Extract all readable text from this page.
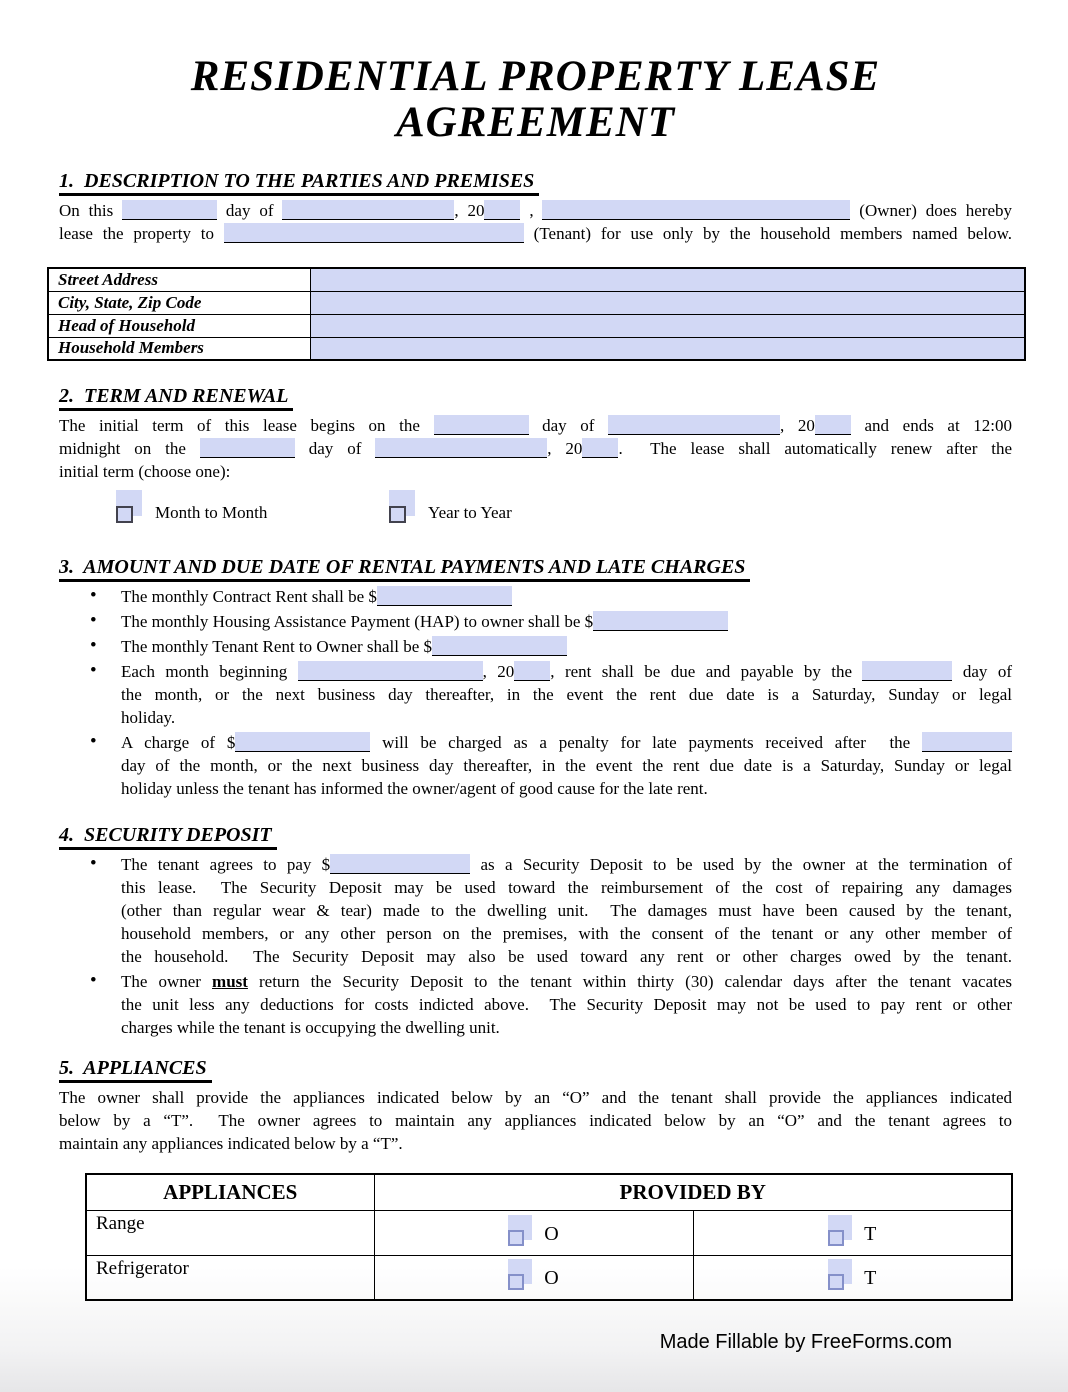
RESIDENTIAL PROPERTY LEASE AGREEMENT
1.  DESCRIPTION TO THE PARTIES AND PREMISES
On this	day of	, 20	,	(Owner) does hereby
lease the property to	(Tenant) for use only by the household members named below.
Street Address	
City, State, Zip Code	
Head of Household	
Household Members	
2.  TERM AND RENEWAL
The initial term of this lease begins on the	day of	, 20	and ends at 12:00
midnight on the	day of	, 20 .  The lease shall automatically renew after the
initial term (choose one):
Month to Month	Year to Year
3.  AMOUNT AND DUE DATE OF RENTAL PAYMENTS AND LATE CHARGES
• The monthly Contract Rent shall be $
• The monthly Housing Assistance Payment (HAP) to owner shall be $
• The monthly Tenant Rent to Owner shall be $
• Each month beginning	, 20 , rent shall be due and payable by the	day of
the month, or the next business day thereafter, in the event the rent due date is a Saturday, Sunday or legal
holiday.
• A charge of $	will be charged as a penalty for late payments received after  the
day of the month, or the next business day thereafter, in the event the rent due date is a Saturday, Sunday or legal
holiday unless the tenant has informed the owner/agent of good cause for the late rent.
4.  SECURITY DEPOSIT
• The tenant agrees to pay $	as a Security Deposit to be used by the owner at the termination of
this lease.  The Security Deposit may be used toward the reimbursement of the cost of repairing any damages
(other than regular wear & tear) made to the dwelling unit.  The damages must have been caused by the tenant,
household members, or any other person on the premises, with the consent of the tenant or any other member of
the household.  The Security Deposit may also be used toward any rent or other charges owed by the tenant.
• The owner must return the Security Deposit to the tenant within thirty (30) calendar days after the tenant vacates
the unit less any deductions for costs indicted above.  The Security Deposit may not be used to pay rent or other
charges while the tenant is occupying the dwelling unit.
5.  APPLIANCES
The owner shall provide the appliances indicated below by an “O” and the tenant shall provide the appliances indicated
below by a “T”.  The owner agrees to maintain any appliances indicated below by an “O” and the tenant agrees to
maintain any appliances indicated below by a “T”.
APPLIANCES	PROVIDED BY	
Range	O	T

Refrigerator	O	T
Made Fillable by FreeForms.com
